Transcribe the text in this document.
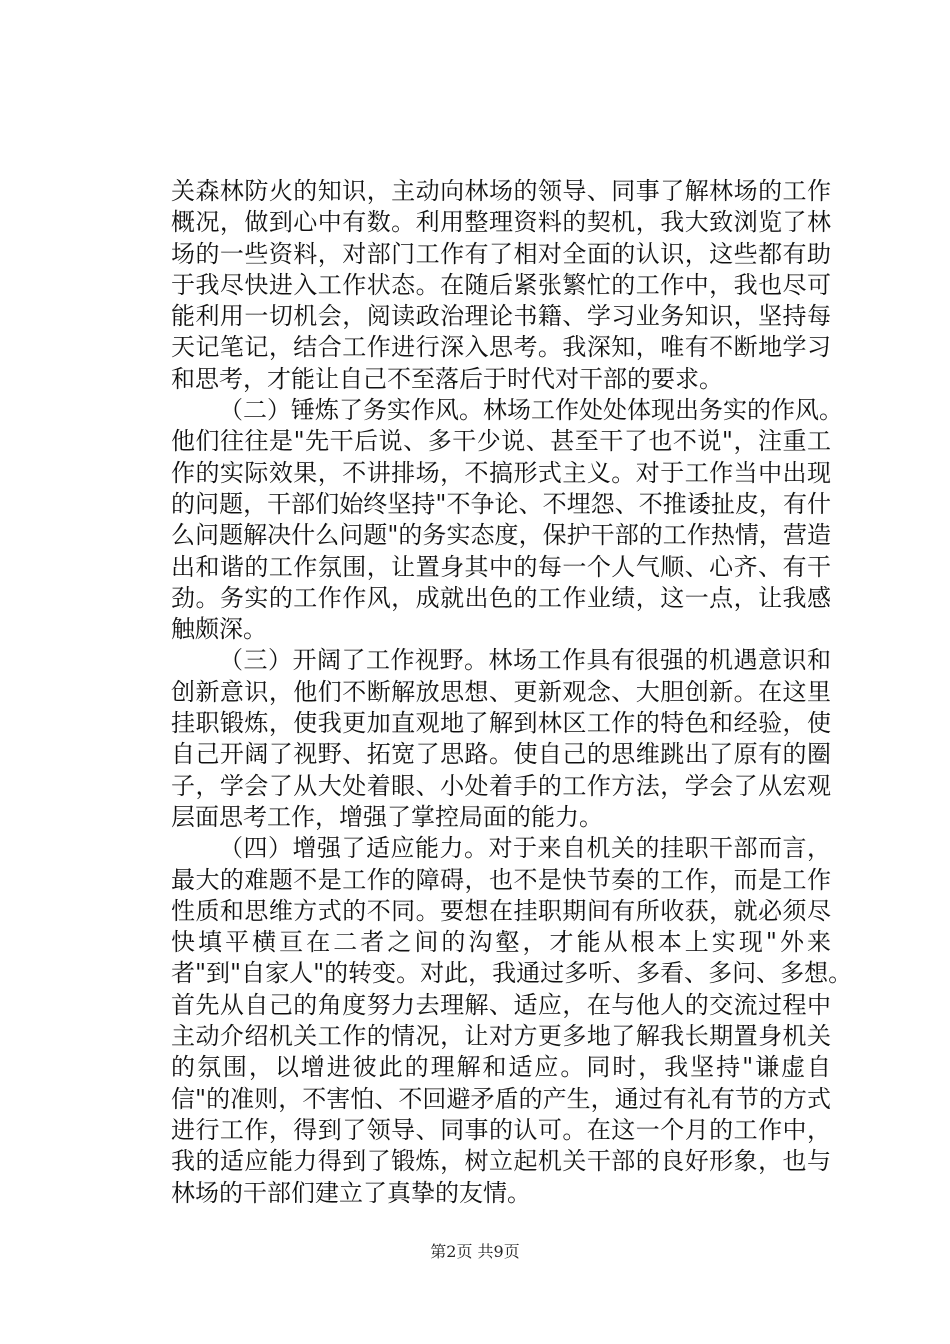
关森林防火的知识，主动向林场的领导、同事了解林场的工作
概况，做到心中有数。利用整理资料的契机，我大致浏览了林
场的一些资料，对部门工作有了相对全面的认识，这些都有助
于我尽快进入工作状态。在随后紧张繁忙的工作中，我也尽可
能利用一切机会，阅读政治理论书籍、学习业务知识，坚持每
天记笔记，结合工作进行深入思考。我深知，唯有不断地学习
和思考，才能让自己不至落后于时代对干部的要求。
（二）锤炼了务实作风。林场工作处处体现出务实的作风。
他们往往是"先干后说、多干少说、甚至干了也不说"，注重工
作的实际效果，不讲排场，不搞形式主义。对于工作当中出现
的问题，干部们始终坚持"不争论、不埋怨、不推诿扯皮，有什
么问题解决什么问题"的务实态度，保护干部的工作热情，营造
出和谐的工作氛围，让置身其中的每一个人气顺、心齐、有干
劲。务实的工作作风，成就出色的工作业绩，这一点，让我感
触颇深。
（三）开阔了工作视野。林场工作具有很强的机遇意识和
创新意识，他们不断解放思想、更新观念、大胆创新。在这里
挂职锻炼，使我更加直观地了解到林区工作的特色和经验，使
自己开阔了视野、拓宽了思路。使自己的思维跳出了原有的圈
子，学会了从大处着眼、小处着手的工作方法，学会了从宏观
层面思考工作，增强了掌控局面的能力。
（四）增强了适应能力。对于来自机关的挂职干部而言，
最大的难题不是工作的障碍，也不是快节奏的工作，而是工作
性质和思维方式的不同。要想在挂职期间有所收获，就必须尽
快填平横亘在二者之间的沟壑，才能从根本上实现"外来
者"到"自家人"的转变。对此，我通过多听、多看、多问、多想。
首先从自己的角度努力去理解、适应，在与他人的交流过程中
主动介绍机关工作的情况，让对方更多地了解我长期置身机关
的氛围，以增进彼此的理解和适应。同时，我坚持"谦虚自
信"的准则，不害怕、不回避矛盾的产生，通过有礼有节的方式
进行工作，得到了领导、同事的认可。在这一个月的工作中，
我的适应能力得到了锻炼，树立起机关干部的良好形象，也与
林场的干部们建立了真挚的友情。
第2页 共9页
